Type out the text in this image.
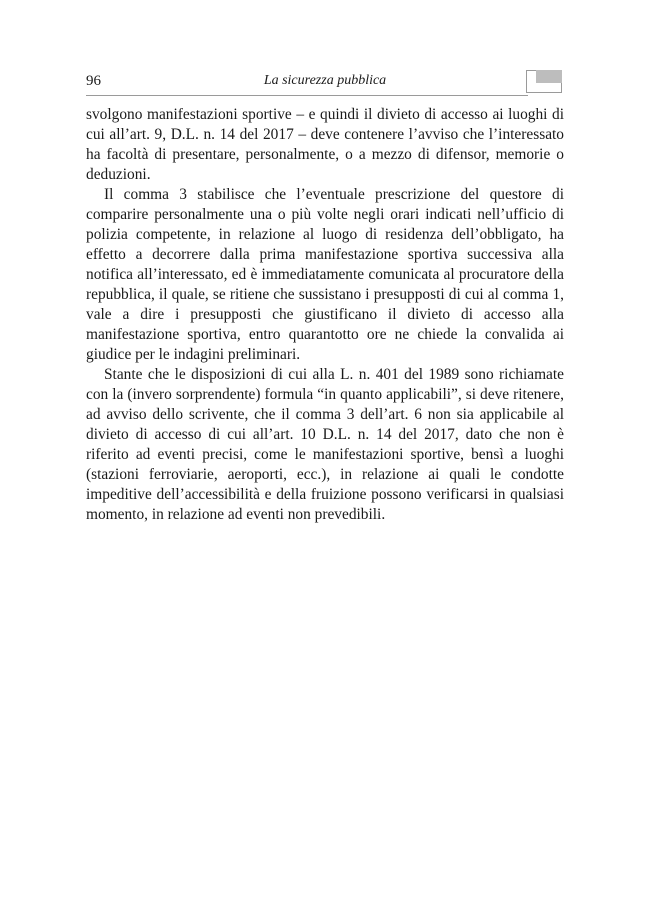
96	La sicurezza pubblica

svolgono manifestazioni sportive – e quindi il divieto di accesso ai luoghi di cui all’art. 9, D.L. n. 14 del 2017 – deve contenere l’avviso che l’interessato ha facoltà di presentare, personalmente, o a mezzo di difensor, memorie o deduzioni.

Il comma 3 stabilisce che l’eventuale prescrizione del questore di comparire personalmente una o più volte negli orari indicati nell’ufficio di polizia competente, in relazione al luogo di residenza dell’obbligato, ha effetto a decorrere dalla prima manifestazione sportiva successiva alla notifica all’interessato, ed è immediatamente comunicata al procuratore della repubblica, il quale, se ritiene che sussistano i presupposti di cui al comma 1, vale a dire i presupposti che giustificano il divieto di accesso alla manifestazione sportiva, entro quarantotto ore ne chiede la convalida ai giudice per le indagini preliminari.

Stante che le disposizioni di cui alla L. n. 401 del 1989 sono richiamate con la (invero sorprendente) formula “in quanto applicabili”, si deve ritenere, ad avviso dello scrivente, che il comma 3 dell’art. 6 non sia applicabile al divieto di accesso di cui all’art. 10 D.L. n. 14 del 2017, dato che non è riferito ad eventi precisi, come le manifestazioni sportive, bensì a luoghi (stazioni ferroviarie, aeroporti, ecc.), in relazione ai quali le condotte impeditive dell’accessibilità e della fruizione possono verificarsi in qualsiasi momento, in relazione ad eventi non prevedibili.
